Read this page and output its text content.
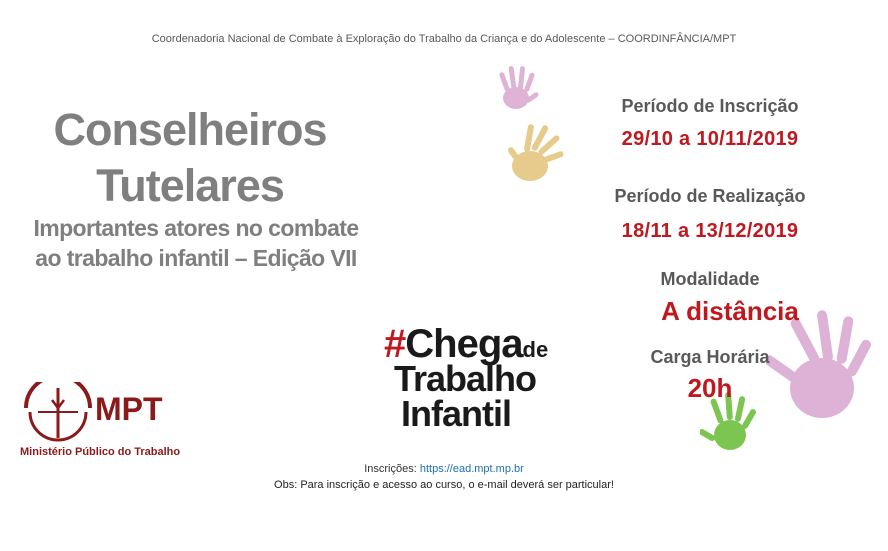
Coordenadoria Nacional de Combate à Exploração do Trabalho da Criança e do Adolescente – COORDINFÂNCIA/MPT
Conselheiros
Tutelares
Importantes atores no combate
ao trabalho infantil – Edição VII
Período de Inscrição
29/10 a 10/11/2019
Período de Realização
18/11 a 13/12/2019
Modalidade
A distância
Carga Horária
20h
MPT
Ministério Público do Trabalho
#Chegade
Trabalho
Infantil
Inscrições: https://ead.mpt.mp.br
Obs: Para inscrição e acesso ao curso, o e-mail deverá ser particular!
